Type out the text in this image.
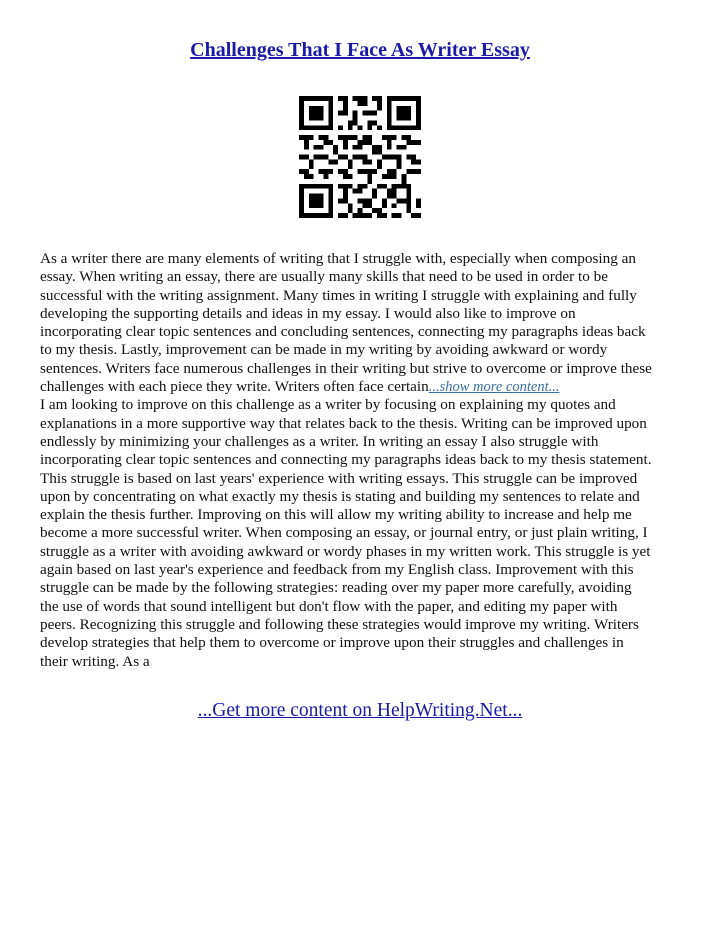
Challenges That I Face As Writer Essay
As a writer there are many elements of writing that I struggle with, especially when composing an
essay. When writing an essay, there are usually many skills that need to be used in order to be
successful with the writing assignment. Many times in writing I struggle with explaining and fully
developing the supporting details and ideas in my essay. I would also like to improve on
incorporating clear topic sentences and concluding sentences, connecting my paragraphs ideas back
to my thesis. Lastly, improvement can be made in my writing by avoiding awkward or wordy
sentences. Writers face numerous challenges in their writing but strive to overcome or improve these
challenges with each piece they write. Writers often face certain...show more content...
I am looking to improve on this challenge as a writer by focusing on explaining my quotes and
explanations in a more supportive way that relates back to the thesis. Writing can be improved upon
endlessly by minimizing your challenges as a writer. In writing an essay I also struggle with
incorporating clear topic sentences and connecting my paragraphs ideas back to my thesis statement.
This struggle is based on last years' experience with writing essays. This struggle can be improved
upon by concentrating on what exactly my thesis is stating and building my sentences to relate and
explain the thesis further. Improving on this will allow my writing ability to increase and help me
become a more successful writer. When composing an essay, or journal entry, or just plain writing, I
struggle as a writer with avoiding awkward or wordy phases in my written work. This struggle is yet
again based on last year's experience and feedback from my English class. Improvement with this
struggle can be made by the following strategies: reading over my paper more carefully, avoiding
the use of words that sound intelligent but don't flow with the paper, and editing my paper with
peers. Recognizing this struggle and following these strategies would improve my writing. Writers
develop strategies that help them to overcome or improve upon their struggles and challenges in
their writing. As a
...Get more content on HelpWriting.Net...
